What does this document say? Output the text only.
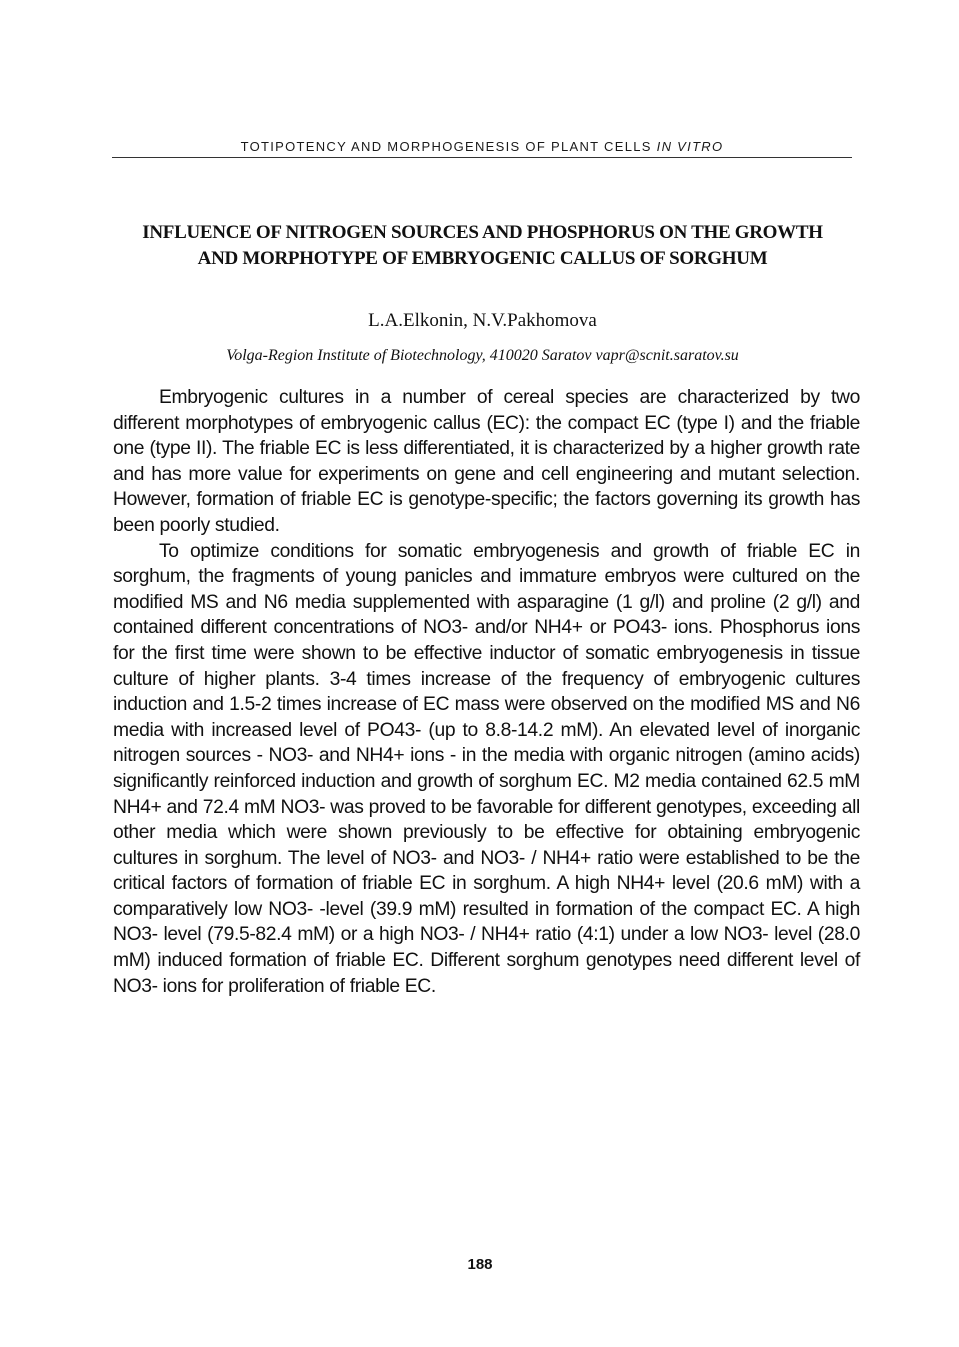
TOTIPOTENCY AND MORPHOGENESIS OF PLANT CELLS IN VITRO
INFLUENCE OF NITROGEN SOURCES AND PHOSPHORUS ON THE GROWTH AND MORPHOTYPE OF EMBRYOGENIC CALLUS OF SORGHUM
L.A.Elkonin, N.V.Pakhomova
Volga-Region Institute of Biotechnology, 410020 Saratov vapr@scnit.saratov.su

Embryogenic cultures in a number of cereal species are characterized by two different morphotypes of embryogenic callus (EC): the compact EC (type I) and the friable one (type II). The friable EC is less differentiated, it is characterized by a higher growth rate and has more value for experiments on gene and cell engineering and mutant selection. However, formation of friable EC is genotype-specific; the factors governing its growth has been poorly studied.

To optimize conditions for somatic embryogenesis and growth of friable EC in sorghum, the fragments of young panicles and immature embryos were cultured on the modified MS and N6 media supplemented with asparagine (1 g/l) and proline (2 g/l) and contained different concentrations of NO3- and/or NH4+ or PO43- ions. Phosphorus ions for the first time were shown to be effective inductor of somatic embryogenesis in tissue culture of higher plants. 3-4 times increase of the frequency of embryogenic cultures induction and 1.5-2 times increase of EC mass were observed on the modified MS and N6 media with increased level of PO43- (up to 8.8-14.2 mM). An elevated level of inorganic nitrogen sources - NO3- and NH4+ ions - in the media with organic nitrogen (amino acids) significantly reinforced induction and growth of sorghum EC. M2 media contained 62.5 mM NH4+ and 72.4 mM NO3- was proved to be favorable for different genotypes, exceeding all other media which were shown previously to be effective for obtaining embryogenic cultures in sorghum. The level of NO3- and NO3- / NH4+ ratio were established to be the critical factors of formation of friable EC in sorghum. A high NH4+ level (20.6 mM) with a comparatively low NO3- -level (39.9 mM) resulted in formation of the compact EC. A high NO3- level (79.5-82.4 mM) or a high NO3- / NH4+ ratio (4:1) under a low NO3- level (28.0 mM) induced formation of friable EC. Different sorghum genotypes need different level of NO3- ions for proliferation of friable EC.

188
